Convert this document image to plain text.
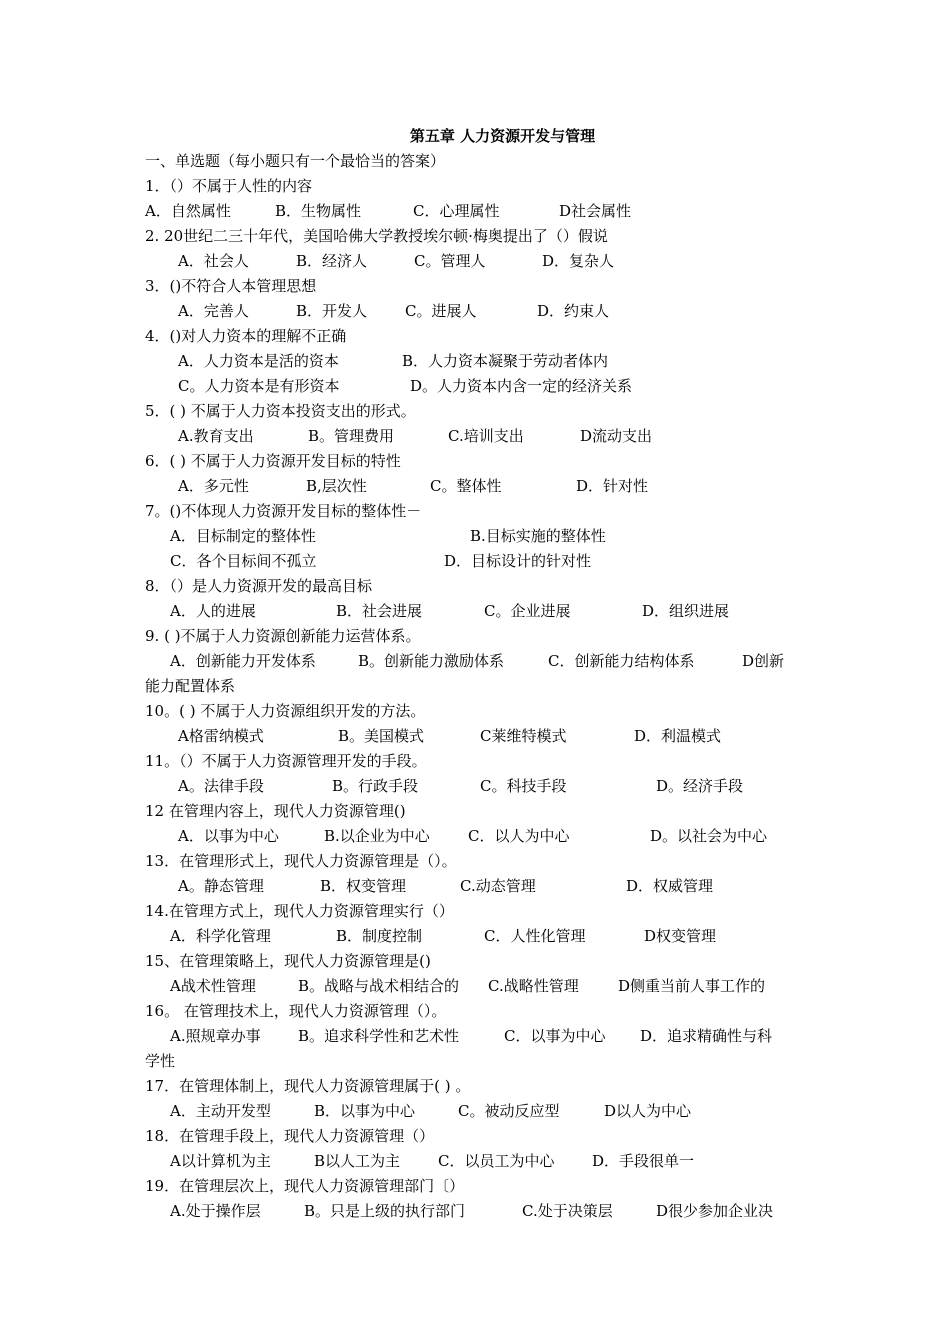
第五章 人力资源开发与管理
一、单选题（每小题只有一个最恰当的答案）
1．（）不属于人性的内容

A．自然属性

	B．生物属性

	C．心理属性

	D社会属性

2. 20世纪二三十年代，美国哈佛大学教授埃尔顿·梅奥提出了（）假说

A．社会人

	B．经济人

	C。管理人

	D．复杂人

3．()不符合人本管理思想

A．完善人

	B．开发人

	C。进展人

	D．约束人

4．()对人力资本的理解不正确

A．人力资本是活的资本

	B．人力资本凝聚于劳动者体内

C。人力资本是有形资本

	D。人力资本内含一定的经济关系

5．( ) 不属于人力资本投资支出的形式。

A.教育支出

	B。管理费用

	C.培训支出

	D流动支出

6．( ) 不属于人力资源开发目标的特性

A．多元性

	B,层次性

	C。整体性

	D．针对性

7。()不体现人力资源开发目标的整体性－

A．目标制定的整体性

	B.目标实施的整体性

C．各个目标间不孤立

	D．目标设计的针对性

8．（）是人力资源开发的最高目标

A．人的进展

	B．社会进展

	C。企业进展

	D．组织进展

9. ( )不属于人力资源创新能力运营体系。

A．创新能力开发体系

	B。创新能力激励体系

	C．创新能力结构体系

	D创新

能力配置体系
10。( ) 不属于人力资源组织开发的方法。

A格雷纳模式

	B。美国模式

	C莱维特模式

	D．利温模式

11。（）不属于人力资源管理开发的手段。

A。法律手段

	B。行政手段

	C。科技手段

	D。经济手段

12 在管理内容上，现代人力资源管理()

A．以事为中心

	B.以企业为中心

	C．以人为中心

	D。以社会为中心

13．在管理形式上，现代人力资源管理是（）。

A。静态管理

	B．权变管理

	C.动态管理

	D．权威管理

14.在管理方式上，现代人力资源管理实行（）

A．科学化管理

	B．制度控制

	C．人性化管理

	D权变管理

15、在管理策略上，现代人力资源管理是()

A战术性管理

	B。战略与战术相结合的

C.战略性管理

	D侧重当前人事工作的

16。 在管理技术上，现代人力资源管理（）。

A.照规章办事

B。追求科学性和艺术性

	C．以事为中心

D．追求精确性与科

学性
17．在管理体制上，现代人力资源管理属于( ) 。

A．主动开发型

	B．以事为中心

	C。被动反应型

	D以人为中心

18．在管理手段上，现代人力资源管理（）

A以计算机为主

	B以人工为主

	C．以员工为中心

	D．手段很单一

19．在管理层次上，现代人力资源管理部门〔）

A.处于操作层

	B。只是上级的执行部门

	C.处于决策层

	D很少参加企业决
